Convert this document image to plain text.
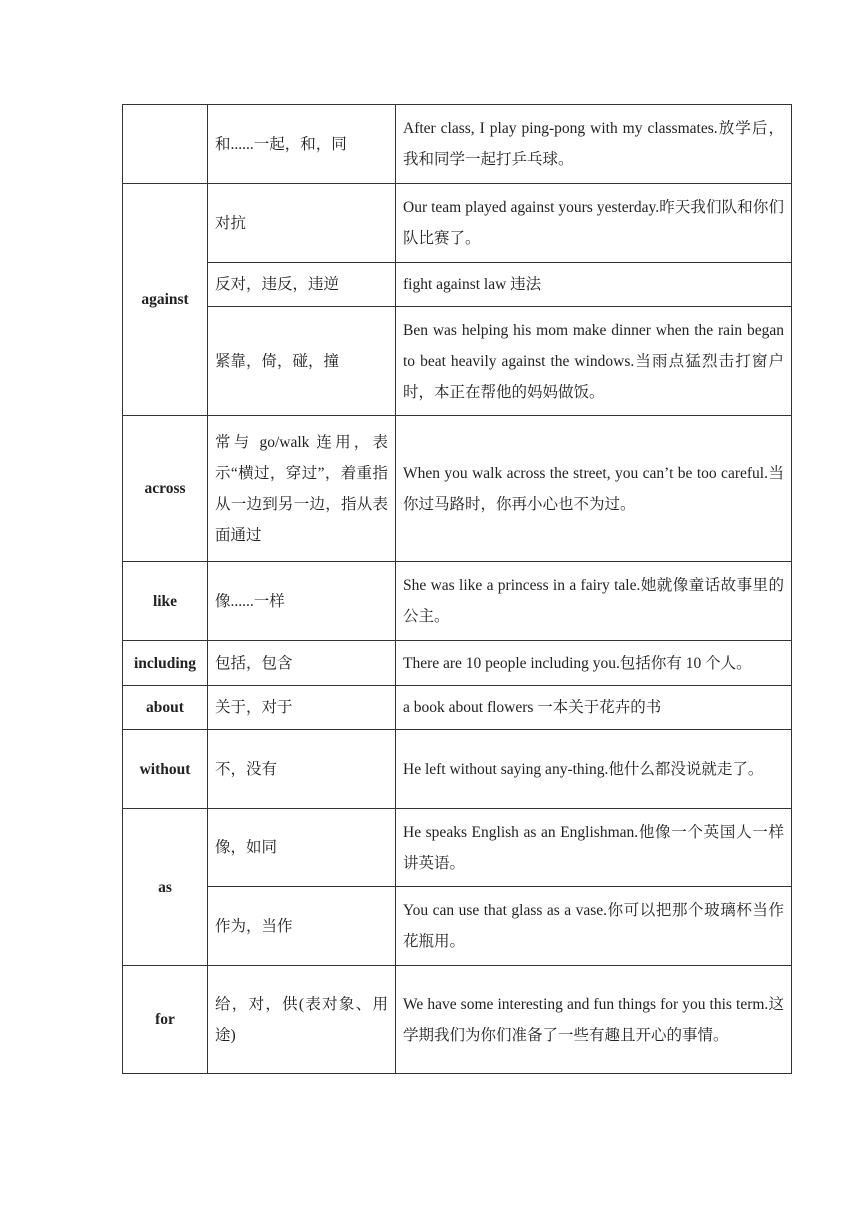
	和......一起，和，同	After class, I play ping-pong with my classmates.放学后，我和同学一起打乒乓球。
against	对抗	Our team played against yours yesterday.昨天我们队和你们队比赛了。
	反对，违反，违逆	fight against law 违法
	紧靠，倚，碰，撞	Ben was helping his mom make dinner when the rain began to beat heavily against the windows.当雨点猛烈击打窗户时，本正在帮他的妈妈做饭。
across	常与 go/walk 连用，表示“横过，穿过”，着重指从一边到另一边，指从表面通过	When you walk across the street, you can’t be too careful.当你过马路时，你再小心也不为过。
like	像......一样	She was like a princess in a fairy tale.她就像童话故事里的公主。
including	包括，包含	There are 10 people including you.包括你有 10 个人。
about	关于，对于	a book about flowers 一本关于花卉的书
without	不，没有	He left without saying any-thing.他什么都没说就走了。
as	像，如同	He speaks English as an Englishman.他像一个英国人一样讲英语。
	作为，当作	You can use that glass as a vase.你可以把那个玻璃杯当作花瓶用。
for	给，对，供(表对象、用途)	We have some interesting and fun things for you this term.这学期我们为你们准备了一些有趣且开心的事情。
